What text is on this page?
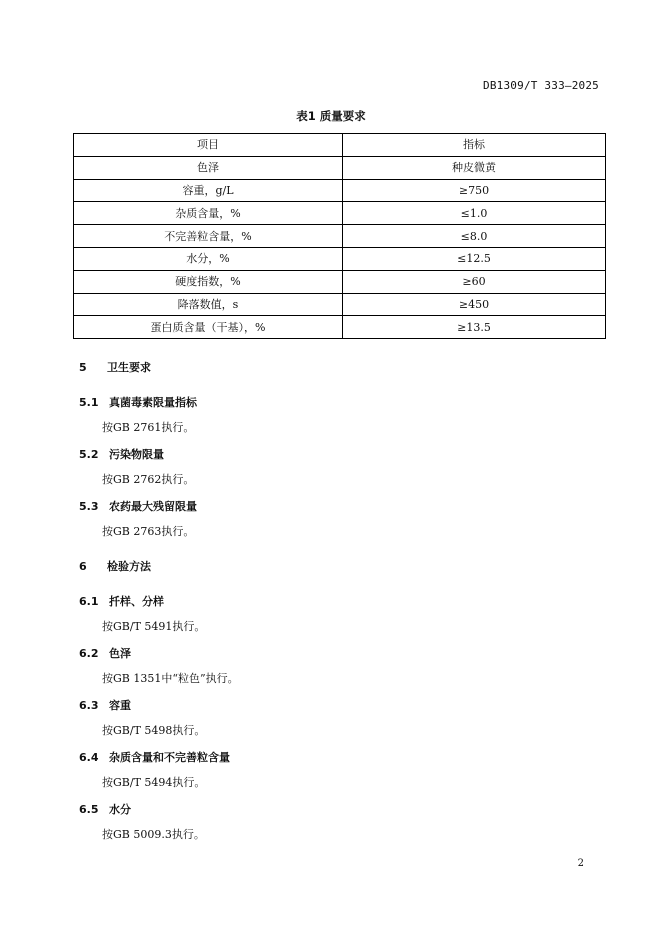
DB1309/T 333—2025
表1 质量要求
项目	指标
色泽	种皮微黄
容重，g/L	≥750
杂质含量，%	≤1.0
不完善粒含量，%	≤8.0
水分，%	≤12.5
硬度指数，%	≥60
降落数值，s	≥450
蛋白质含量（干基），%	≥13.5
5 卫生要求
5.1 真菌毒素限量指标
按GB 2761执行。
5.2 污染物限量
按GB 2762执行。
5.3 农药最大残留限量
按GB 2763执行。
6 检验方法
6.1 扦样、分样
按GB/T 5491执行。
6.2 色泽
按GB 1351中“粒色”执行。
6.3 容重
按GB/T 5498执行。
6.4 杂质含量和不完善粒含量
按GB/T 5494执行。
6.5 水分
按GB 5009.3执行。
2
